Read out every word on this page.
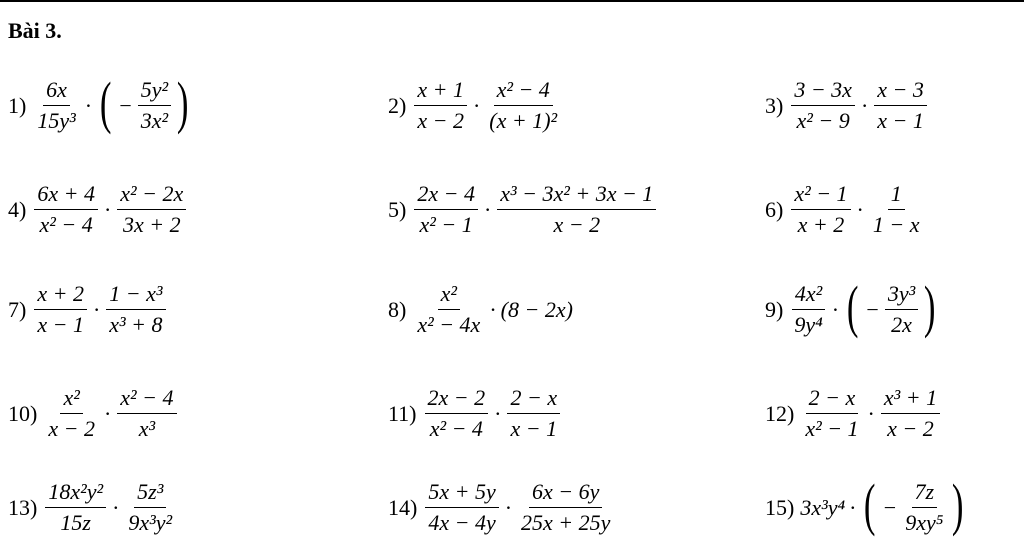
Bài 3.
$1) \frac{6x}{\text{15y³}}$ · ( − $\frac{\text{5y²}}{\text{3x²}}$ )	$2) \frac{x + 1}{x - 2} \cdot \frac{\text{x² − 4}}{\text{(x + 1)²}}$	$3) \frac{3 - 3x}{\text{x² − 9}} \cdot \frac{x - 3}{x - 1}$
$4) \frac{6x + 4}{\text{x² − 4}} \cdot \frac{\text{x² − 2x}}{3x + 2}$	$5) \frac{2x - 4}{\text{x² − 1}} \cdot \frac{\text{x³ − 3x² + 3x − 1}}{x - 2}$	$6) \frac{\text{x² − 1}}{x + 2} \cdot \frac{1}{1 - x}$
$7) \frac{x + 2}{x - 1} \cdot \frac{\text{1 − x³}}{\text{x³ + 8}}$	$8) \frac{\text{x²}}{\text{x² − 4x}} \cdot (8 - 2x)$	$9) \frac{\text{4x²}}{\text{9y⁴}}$ · ( − $\frac{\text{3y³}}{2x}$ )
$10) \frac{\text{x²}}{x - 2} \cdot \frac{\text{x² − 4}}{\text{x³}}$	$11) \frac{2x - 2}{\text{x² − 4}} \cdot \frac{2 - x}{x - 1}$	$12) \frac{2 - x}{\text{x² − 1}} \cdot \frac{\text{x³ + 1}}{x - 2}$
$13) \frac{\text{18x²y²}}{15z} \cdot \frac{\text{5z³}}{\text{9x³y²}}$	$14) \frac{5x + 5y}{4x - 4y} \cdot \frac{6x - 6y}{25x + 25y}$	15) 3x³y⁴ · ( − $\frac{7z}{\text{9xy⁵}}$ )
